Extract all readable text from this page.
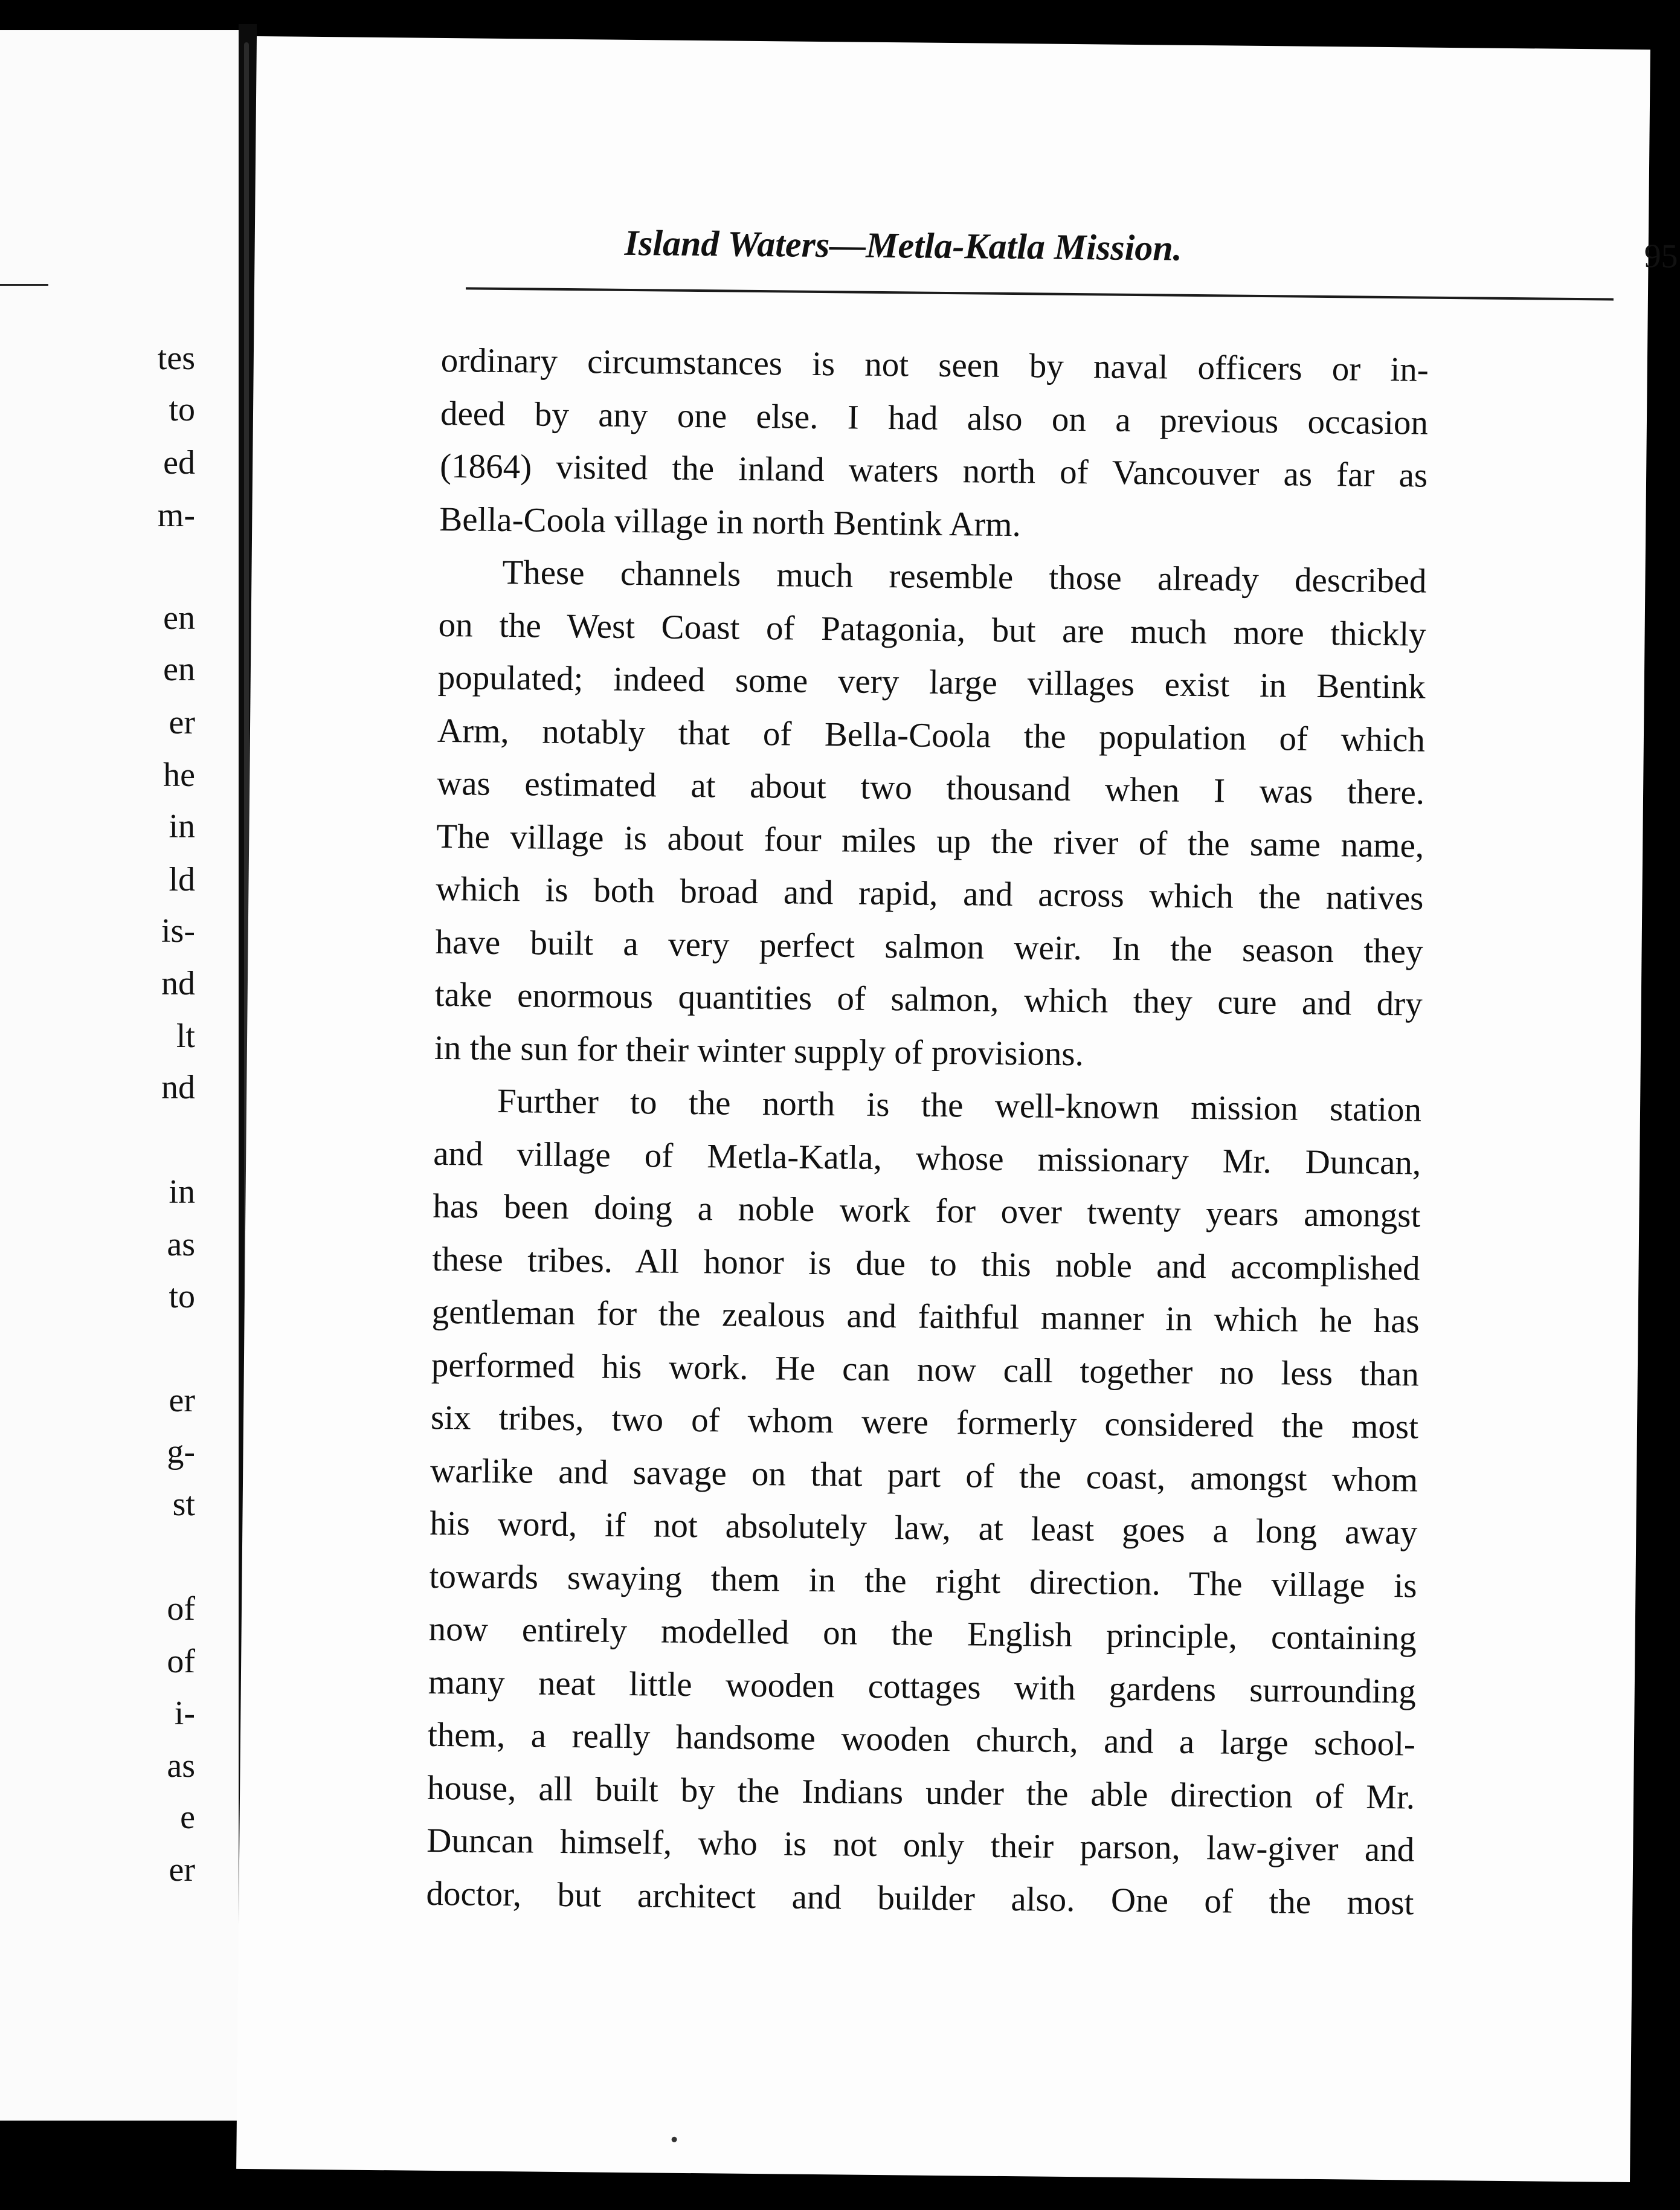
tes
to
ed
m-
en
en
er
he
in
ld
is-
nd
lt
nd
in
as
to
er
g-
st
of
of
i-
as
e
er
Island Waters—Metla-Katla Mission.	95
ordinary circumstances is not seen by naval officers or in-
deed by any one else. I had also on a previous occasion
(1864) visited the inland waters north of Vancouver as far as
Bella-Coola village in north Bentink Arm.
These channels much resemble those already described
on the West Coast of Patagonia, but are much more thickly
populated; indeed some very large villages exist in Bentink
Arm, notably that of Bella-Coola the population of which
was estimated at about two thousand when I was there.
The village is about four miles up the river of the same name,
which is both broad and rapid, and across which the natives
have built a very perfect salmon weir. In the season they
take enormous quantities of salmon, which they cure and dry
in the sun for their winter supply of provisions.
Further to the north is the well-known mission station
and village of Metla-Katla, whose missionary Mr. Duncan,
has been doing a noble work for over twenty years amongst
these tribes. All honor is due to this noble and accomplished
gentleman for the zealous and faithful manner in which he has
performed his work. He can now call together no less than
six tribes, two of whom were formerly considered the most
warlike and savage on that part of the coast, amongst whom
his word, if not absolutely law, at least goes a long away
towards swaying them in the right direction. The village is
now entirely modelled on the English principle, containing
many neat little wooden cottages with gardens surrounding
them, a really handsome wooden church, and a large school-
house, all built by the Indians under the able direction of Mr.
Duncan himself, who is not only their parson, law-giver and
doctor, but architect and builder also. One of the most
